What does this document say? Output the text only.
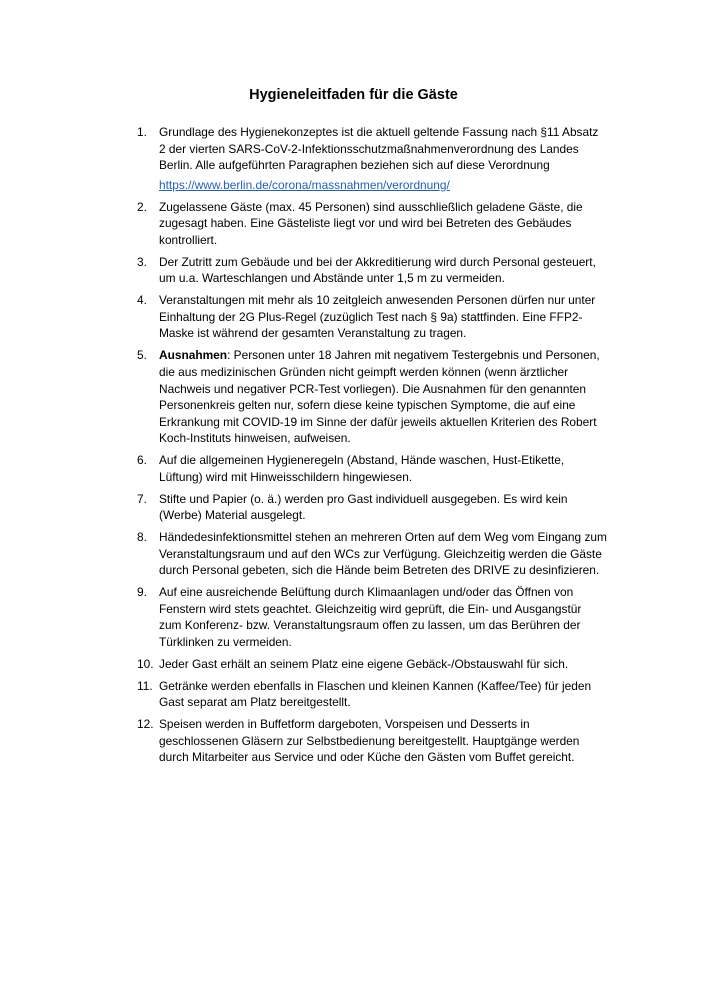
Hygieneleitfaden für die Gäste
1. Grundlage des Hygienekonzeptes ist die aktuell geltende Fassung nach §11 Absatz 2 der vierten SARS-CoV-2-Infektionsschutzmaßnahmenverordnung des Landes Berlin. Alle aufgeführten Paragraphen beziehen sich auf diese Verordnung
https://www.berlin.de/corona/massnahmen/verordnung/
2. Zugelassene Gäste (max. 45 Personen) sind ausschließlich geladene Gäste, die zugesagt haben. Eine Gästeliste liegt vor und wird bei Betreten des Gebäudes kontrolliert.
3. Der Zutritt zum Gebäude und bei der Akkreditierung wird durch Personal gesteuert, um u.a. Warteschlangen und Abstände unter 1,5 m zu vermeiden.
4. Veranstaltungen mit mehr als 10 zeitgleich anwesenden Personen dürfen nur unter Einhaltung der 2G Plus-Regel (zuzüglich Test nach § 9a) stattfinden. Eine FFP2-Maske ist während der gesamten Veranstaltung zu tragen.
5. Ausnahmen: Personen unter 18 Jahren mit negativem Testergebnis und Personen, die aus medizinischen Gründen nicht geimpft werden können (wenn ärztlicher Nachweis und negativer PCR-Test vorliegen). Die Ausnahmen für den genannten Personenkreis gelten nur, sofern diese keine typischen Symptome, die auf eine Erkrankung mit COVID-19 im Sinne der dafür jeweils aktuellen Kriterien des Robert Koch-Instituts hinweisen, aufweisen.
6. Auf die allgemeinen Hygieneregeln (Abstand, Hände waschen, Hust-Etikette, Lüftung) wird mit Hinweisschildern hingewiesen.
7. Stifte und Papier (o. ä.) werden pro Gast individuell ausgegeben. Es wird kein (Werbe) Material ausgelegt.
8. Händedesinfektionsmittel stehen an mehreren Orten auf dem Weg vom Eingang zum Veranstaltungsraum und auf den WCs zur Verfügung. Gleichzeitig werden die Gäste durch Personal gebeten, sich die Hände beim Betreten des DRIVE zu desinfizieren.
9. Auf eine ausreichende Belüftung durch Klimaanlagen und/oder das Öffnen von Fenstern wird stets geachtet. Gleichzeitig wird geprüft, die Ein- und Ausgangstür zum Konferenz- bzw. Veranstaltungsraum offen zu lassen, um das Berühren der Türklinken zu vermeiden.
10. Jeder Gast erhält an seinem Platz eine eigene Gebäck-/Obstauswahl für sich.
11. Getränke werden ebenfalls in Flaschen und kleinen Kannen (Kaffee/Tee) für jeden Gast separat am Platz bereitgestellt.
12. Speisen werden in Buffetform dargeboten, Vorspeisen und Desserts in geschlossenen Gläsern zur Selbstbedienung bereitgestellt. Hauptgänge werden durch Mitarbeiter aus Service und oder Küche den Gästen vom Buffet gereicht.
